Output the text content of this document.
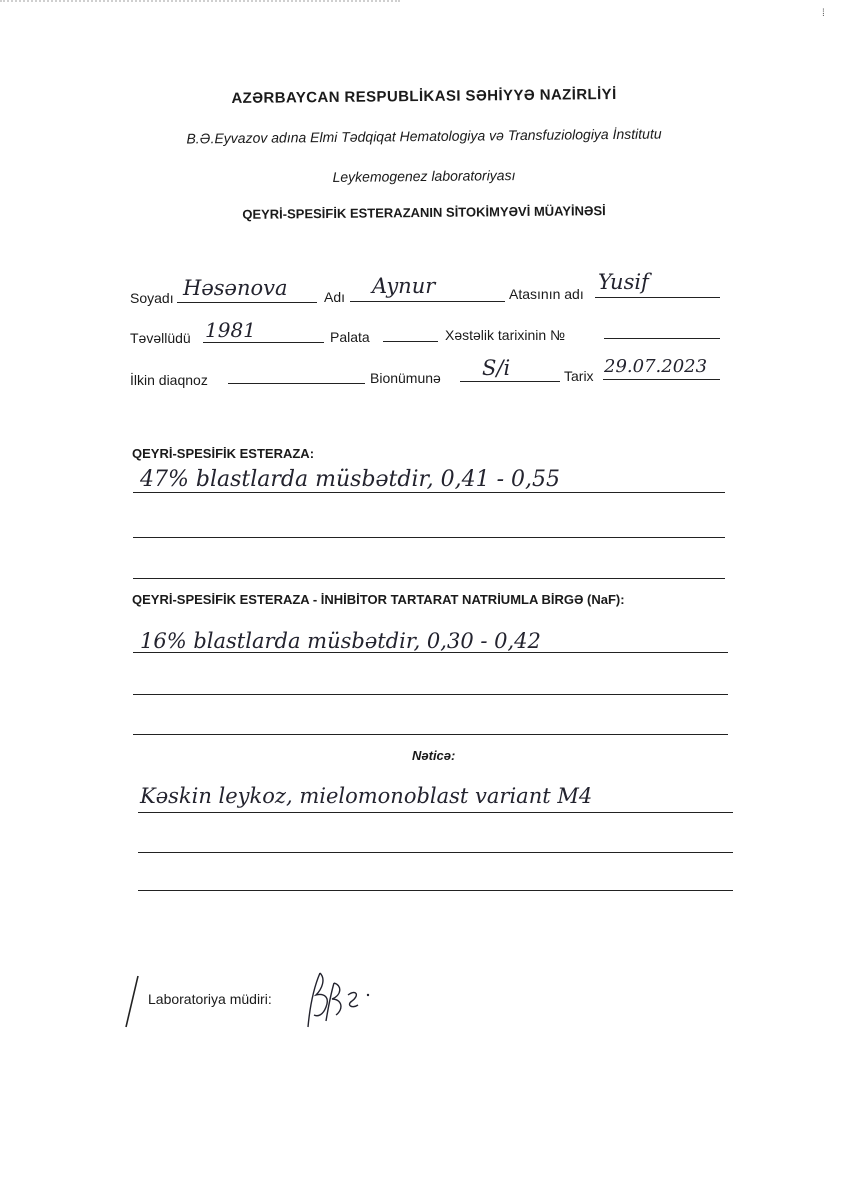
⁞
AZƏRBAYCAN RESPUBLİKASI SƏHİYYƏ NAZİRLİYİ
B.Ə.Eyvazov adına Elmi Tədqiqat Hematologiya və Transfuziologiya İnstitutu
Leykemogenez laboratoriyası
QEYRİ-SPESİFİK ESTERAZANIN SİTOKİMYƏVİ MÜAYİNƏSİ
Soyadı Həsənova	Adı Aynur	Atasının adı Yusif
Təvəllüdü 1981	Palata	Xəstəlik tarixinin №
İlkin diaqnoz	Bionümunə S/i	Tarix 29.07.2023
QEYRİ-SPESİFİK ESTERAZA:
47% blastlarda müsbətdir, 0,41 - 0,55
QEYRİ-SPESİFİK ESTERAZA - İNHİBİTOR TARTARAT NATRİUMLA BİRGƏ (NaF):
16% blastlarda müsbətdir, 0,30 - 0,42
Nəticə:
Kəskin leykoz, mielomonoblast variant M4
Laboratoriya müdiri:
